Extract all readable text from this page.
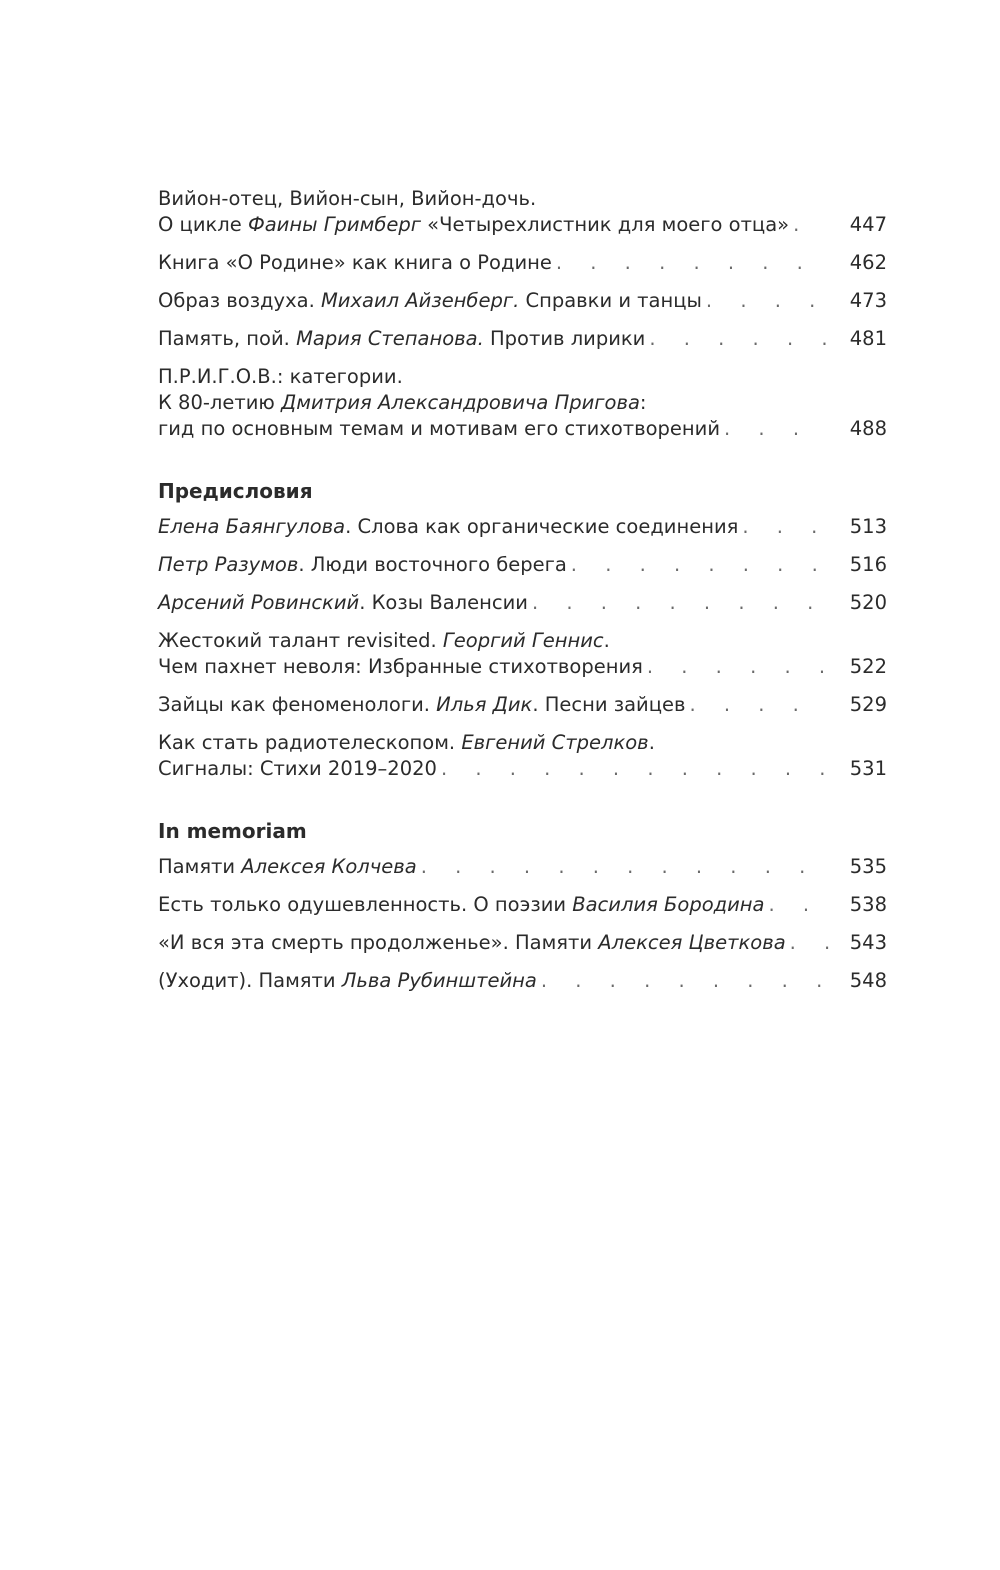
Вийон-отец, Вийон-сын, Вийон-дочь.
О цикле Фаины Гримберг «Четырехлистник для моего отца» . . .	447
Книга «О Родине» как книга о Родине . . .	462
Образ воздуха. Михаил Айзенберг. Справки и танцы . . .	473
Память, пой. Мария Степанова. Против лирики . . .	481
П.Р.И.Г.О.В.: категории.
К 80-летию Дмитрия Александровича Пригова:
гид по основным темам и мотивам его стихотворений . . .	488
Предисловия
Елена Баянгулова. Слова как органические соединения . . .	513
Петр Разумов. Люди восточного берега . . .	516
Арсений Ровинский. Козы Валенсии . . .	520
Жестокий талант revisited. Георгий Геннис.
Чем пахнет неволя: Избранные стихотворения . . .	522
Зайцы как феноменологи. Илья Дик. Песни зайцев . . .	529
Как стать радиотелескопом. Евгений Стрелков.
Сигналы: Стихи 2019–2020 . . .	531
In memoriam
Памяти Алексея Колчева . . .	535
Есть только одушевленность. О поэзии Василия Бородина . . .	538
«И вся эта смерть продолженье». Памяти Алексея Цветкова . . .	543
(Уходит). Памяти Льва Рубинштейна . . .	548
